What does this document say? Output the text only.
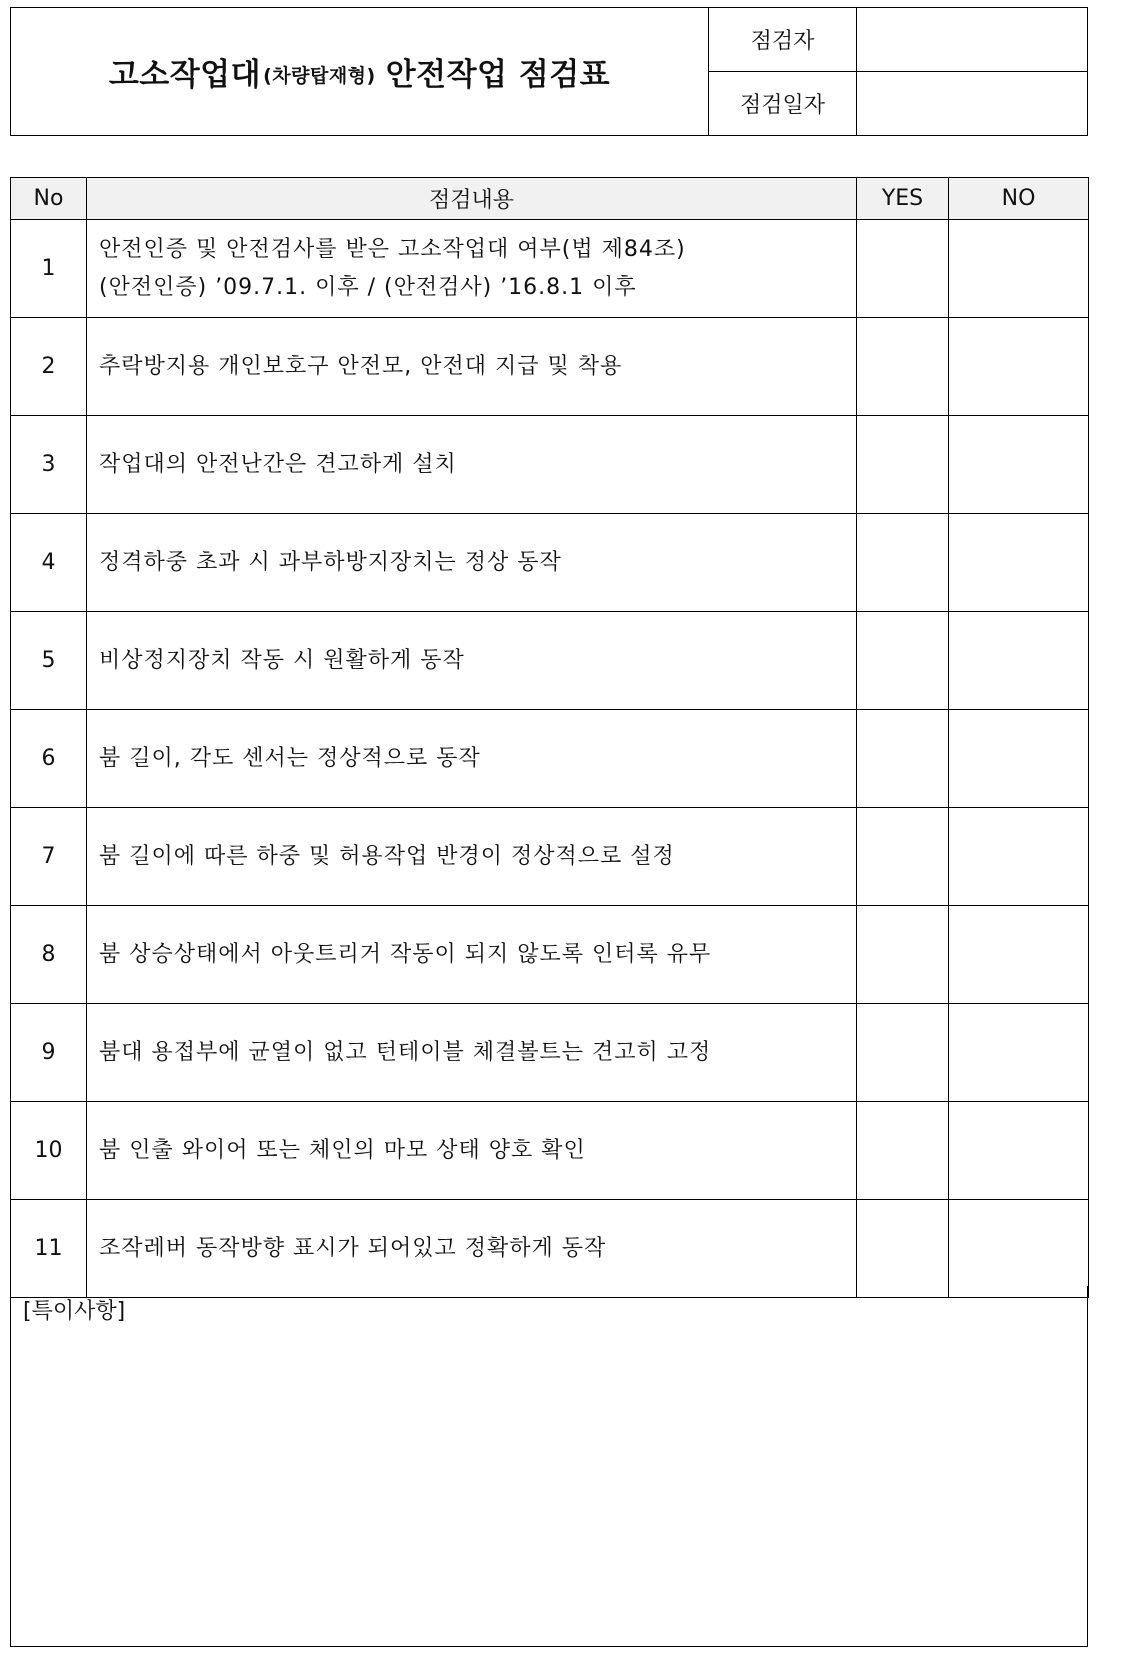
고소작업대 (차량탑재형) 안전작업 점검표
점검자
점검일자
No	점검내용	YES	NO
1	안전인증 및 안전검사를 받은 고소작업대 여부(법 제84조)
(안전인증) ’09.7.1. 이후 / (안전검사) ’16.8.1 이후		

2	추락방지용 개인보호구 안전모, 안전대 지급 및 착용		

3	작업대의 안전난간은 견고하게 설치		

4	정격하중 초과 시 과부하방지장치는 정상 동작		

5	비상정지장치 작동 시 원활하게 동작		

6	붐 길이, 각도 센서는 정상적으로 동작		

7	붐 길이에 따른 하중 및 허용작업 반경이 정상적으로 설정		

8	붐 상승상태에서 아웃트리거 작동이 되지 않도록 인터록 유무		

9	붐대 용접부에 균열이 없고 턴테이블 체결볼트는 견고히 고정		

10	붐 인출 와이어 또는 체인의 마모 상태 양호 확인		

11	조작레버 동작방향 표시가 되어있고 정확하게 동작		

[특이사항]
